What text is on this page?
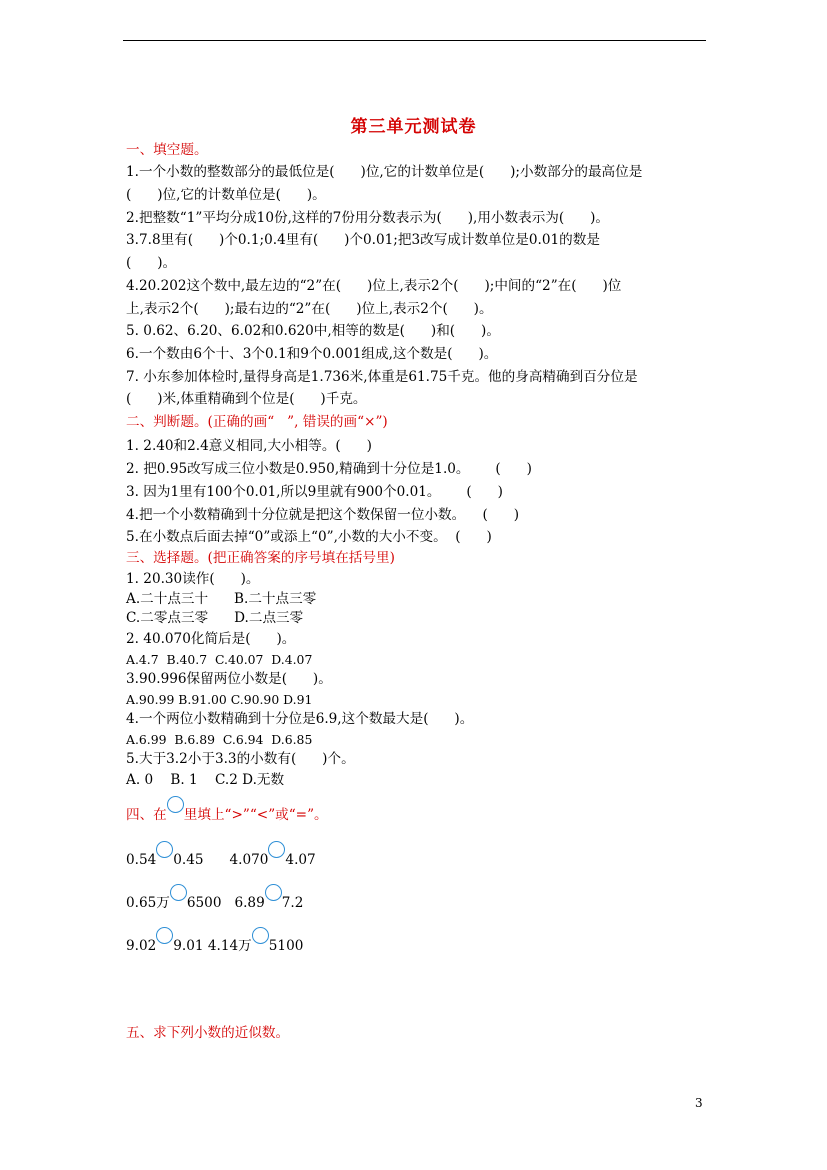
第三单元测试卷
一、填空题。
1.一个小数的整数部分的最低位是(      )位,它的计数单位是(      );小数部分的最高位是
(      )位,它的计数单位是(      )。
2.把整数“1”平均分成10份,这样的7份用分数表示为(      ),用小数表示为(      )。
3.7.8里有(      )个0.1;0.4里有(      )个0.01;把3改写成计数单位是0.01的数是
(      )。
4.20.202这个数中,最左边的“2”在(      )位上,表示2个(      );中间的“2”在(      )位
上,表示2个(      );最右边的“2”在(      )位上,表示2个(      )。
5. 0.62、6.20、6.02和0.620中,相等的数是(      )和(      )。
6.一个数由6个十、3个0.1和9个0.001组成,这个数是(      )。
7. 小东参加体检时,量得身高是1.736米,体重是61.75千克。他的身高精确到百分位是
(      )米,体重精确到个位是(      )千克。
二、判断题。(正确的画“   ”, 错误的画“×”)
1. 2.40和2.4意义相同,大小相等。(      )
2. 把0.95改写成三位小数是0.950,精确到十分位是1.0。      (      )
3. 因为1里有100个0.01,所以9里就有900个0.01。      (      )
4.把一个小数精确到十分位就是把这个数保留一位小数。    (      )
5.在小数点后面去掉“0”或添上“0”,小数的大小不变。  (      )
三、选择题。(把正确答案的序号填在括号里)
1. 20.30读作(      )。
A.二十点三十      B.二十点三零
C.二零点三零      D.二点三零
2. 40.070化简后是(      )。
A.4.7  B.40.7  C.40.07  D.4.07
3.90.996保留两位小数是(      )。
A.90.99 B.91.00 C.90.90 D.91
4.一个两位小数精确到十分位是6.9,这个数最大是(      )。
A.6.99  B.6.89  C.6.94  D.6.85
5.大于3.2小于3.3的小数有(      )个。
A. 0    B. 1    C.2 D.无数
四、在 里填上“>”“<”或“=”。
0.54 0.45 4.070 4.07
0.65万 6500 6.89 7.2
9.02 9.01 4.14万 5100
五、求下列小数的近似数。
3
